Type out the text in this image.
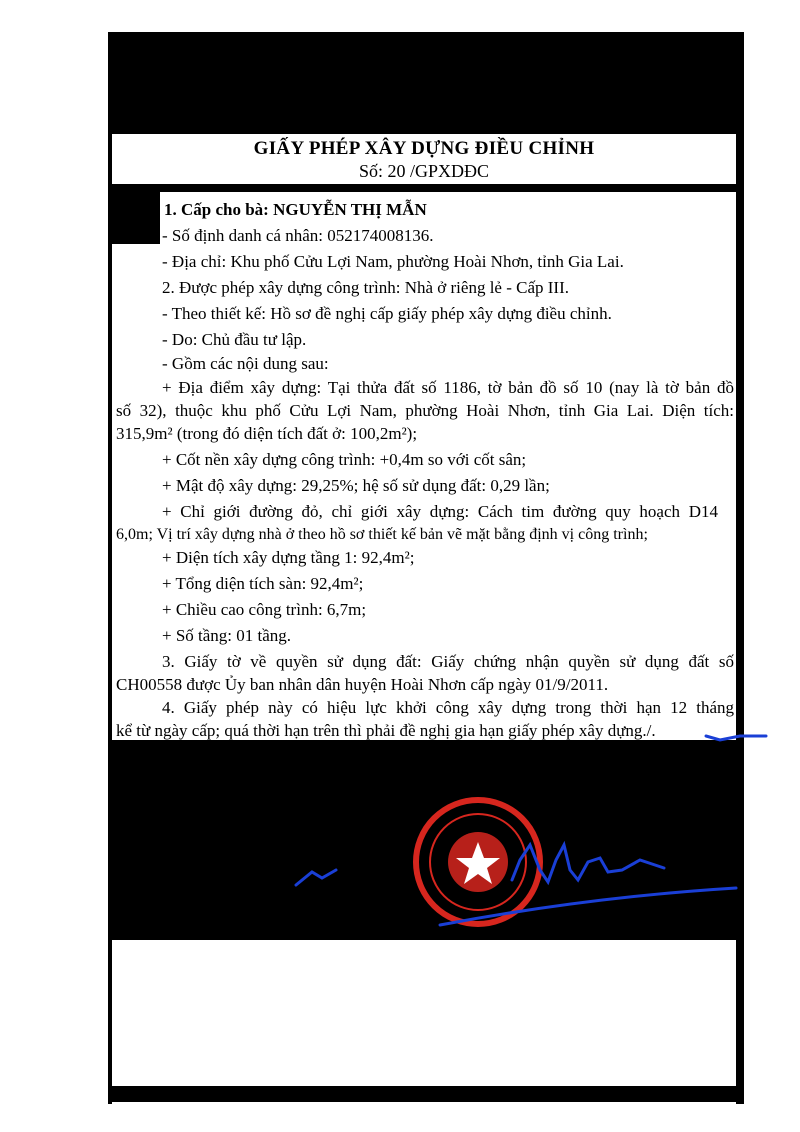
GIẤY PHÉP XÂY DỰNG ĐIỀU CHỈNH
Số: 20 /GPXDĐC
1. Cấp cho bà: NGUYỄN THỊ MẪN
- Số định danh cá nhân: 052174008136.
- Địa chỉ: Khu phố Cửu Lợi Nam, phường Hoài Nhơn, tỉnh Gia Lai.
2. Được phép xây dựng công trình: Nhà ở riêng lẻ - Cấp III.
- Theo thiết kế: Hồ sơ đề nghị cấp giấy phép xây dựng điều chỉnh.
- Do: Chủ đầu tư lập.
- Gồm các nội dung sau:
+ Địa điểm xây dựng: Tại thửa đất số 1186, tờ bản đồ số 10 (nay là tờ bản đồ
số 32), thuộc khu phố Cửu Lợi Nam, phường Hoài Nhơn, tỉnh Gia Lai. Diện tích:
315,9m² (trong đó diện tích đất ở: 100,2m²);
+ Cốt nền xây dựng công trình: +0,4m so với cốt sân;
+ Mật độ xây dựng: 29,25%; hệ số sử dụng đất: 0,29 lần;
+ Chỉ giới đường đỏ, chỉ giới xây dựng: Cách tim đường quy hoạch D14
6,0m; Vị trí xây dựng nhà ở theo hồ sơ thiết kế bản vẽ mặt bằng định vị công trình;
+ Diện tích xây dựng tầng 1: 92,4m²;
+ Tổng diện tích sàn: 92,4m²;
+ Chiều cao công trình: 6,7m;
+ Số tầng: 01 tầng.
3. Giấy tờ về quyền sử dụng đất: Giấy chứng nhận quyền sử dụng đất số
CH00558 được Ủy ban nhân dân huyện Hoài Nhơn cấp ngày 01/9/2011.
4. Giấy phép này có hiệu lực khởi công xây dựng trong thời hạn 12 tháng
kể từ ngày cấp; quá thời hạn trên thì phải đề nghị gia hạn giấy phép xây dựng./.
